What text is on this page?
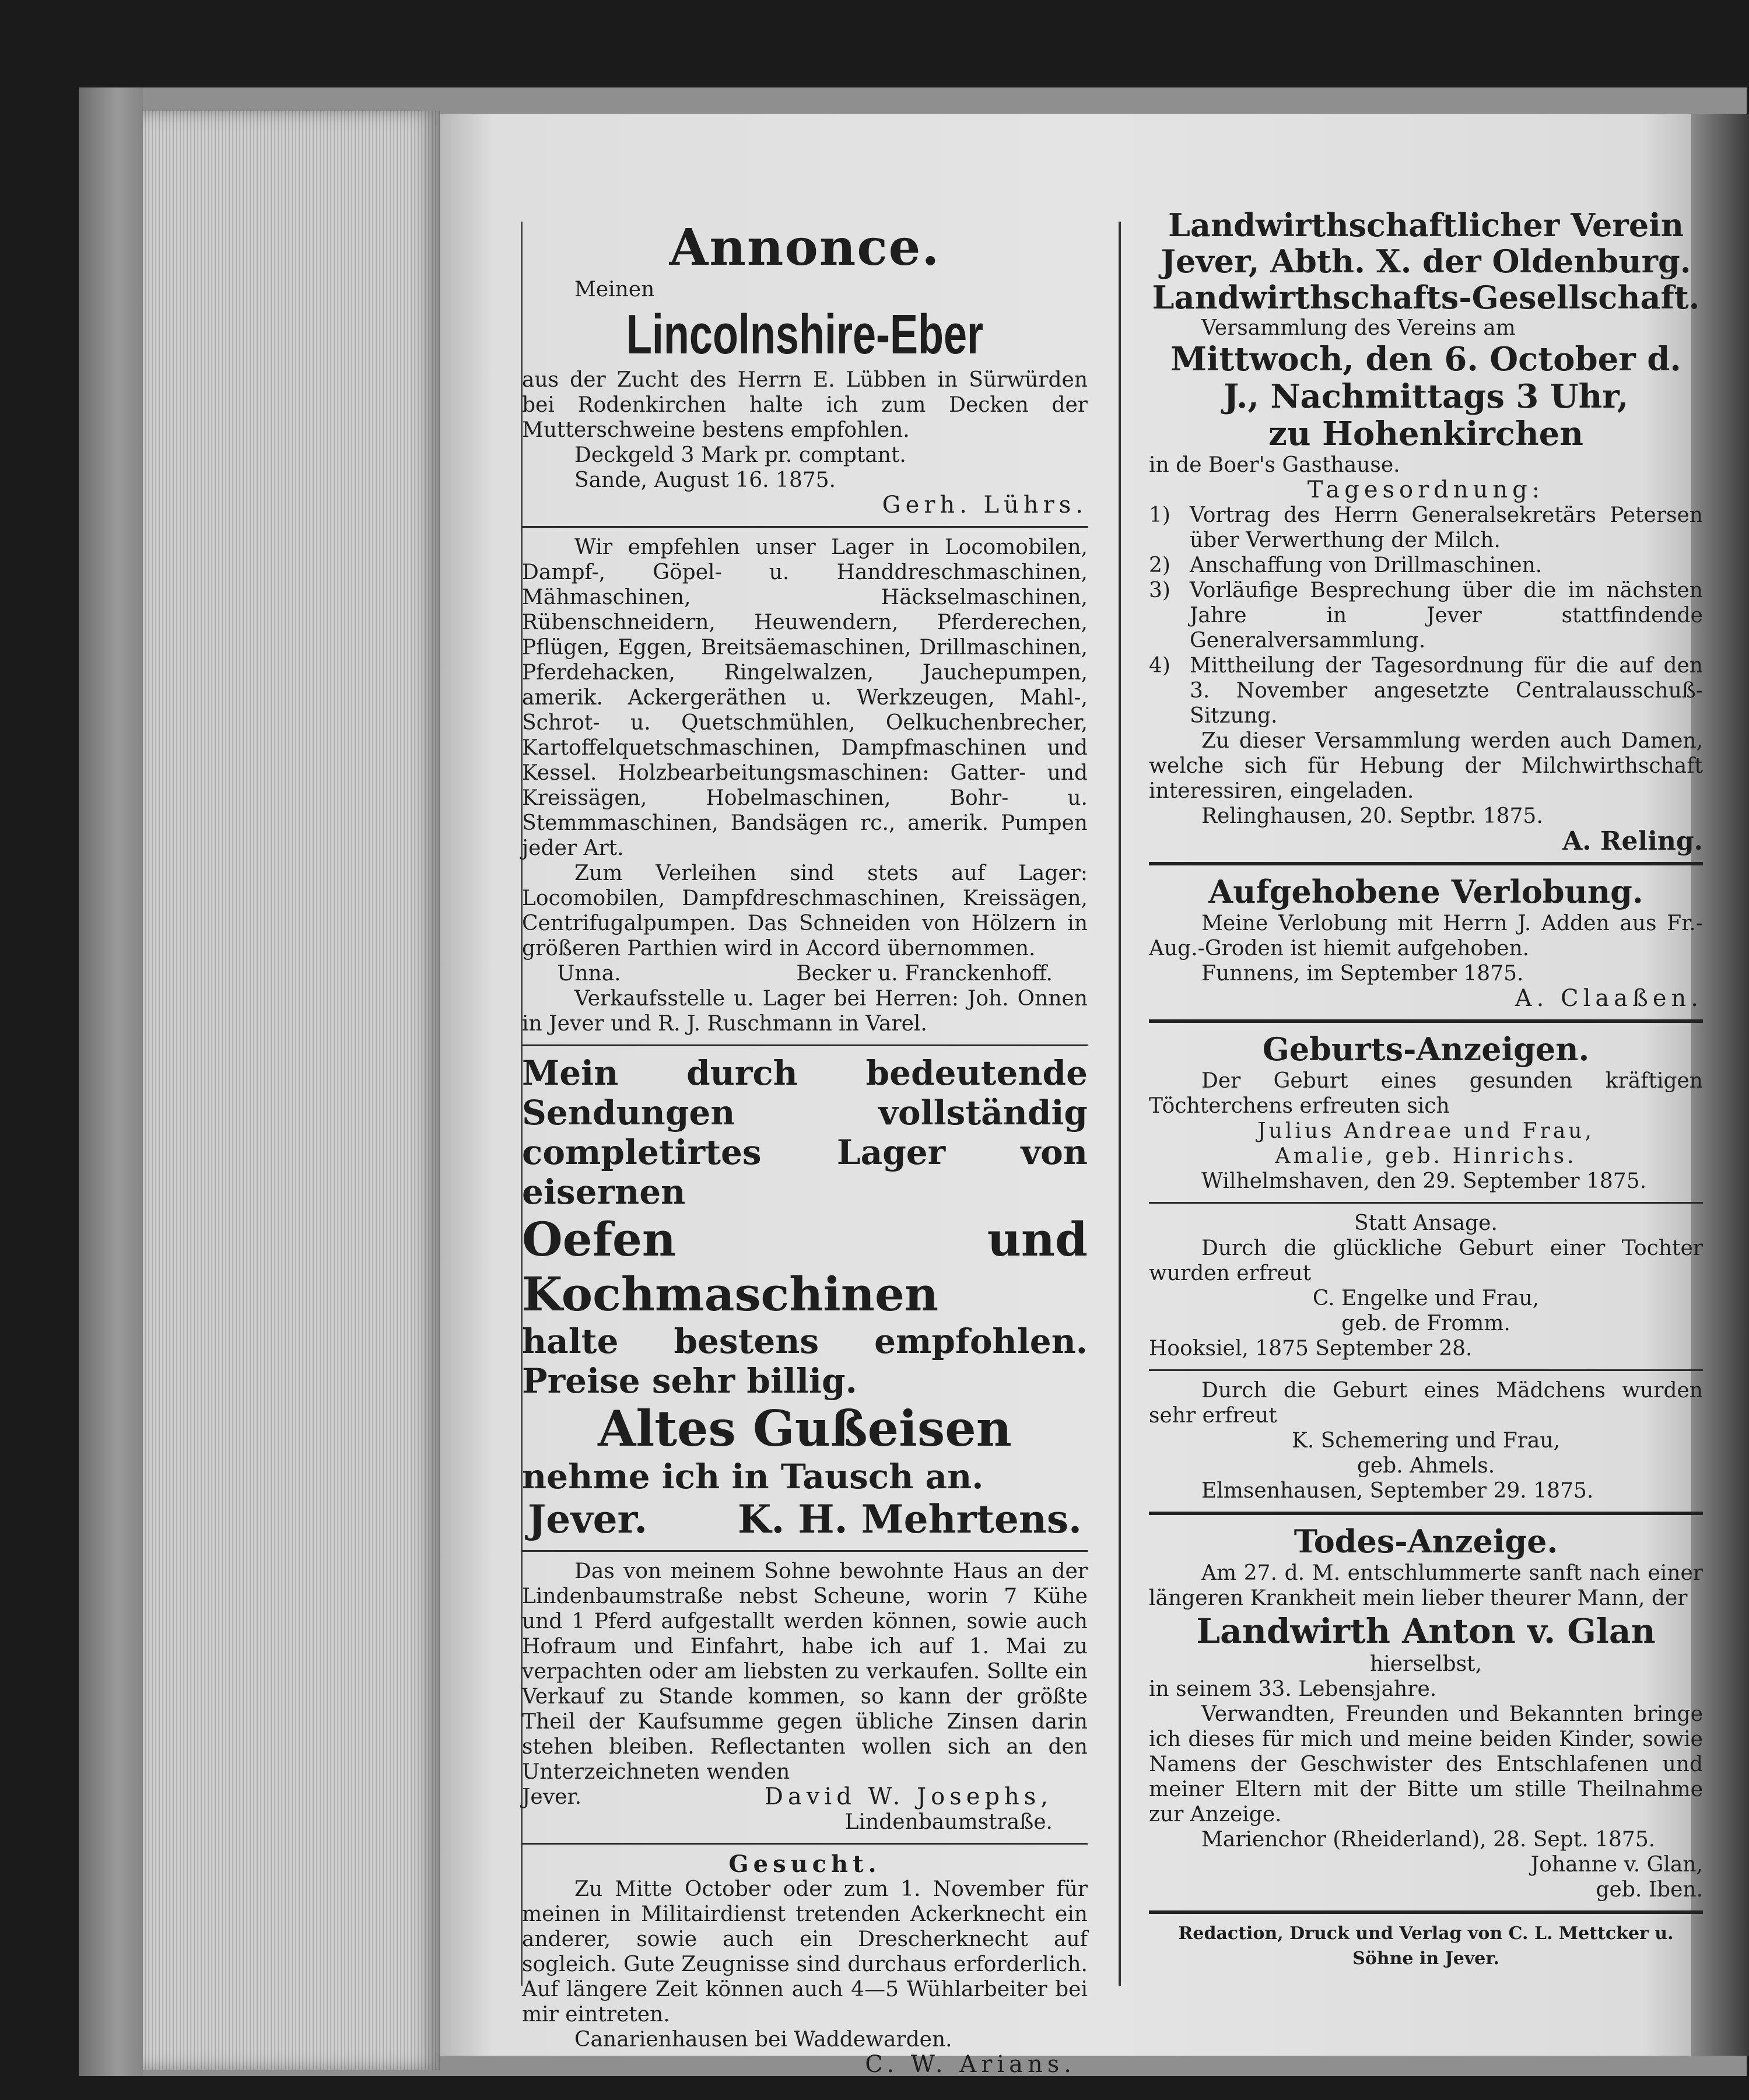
Annonce.

Meinen

Lincolnshire-Eber

aus der Zucht des Herrn E. Lübben in Sürwürden bei Rodenkirchen halte ich zum Decken der Mutterschweine bestens empfohlen.

Deckgeld 3 Mark pr. comptant.

Sande, August 16. 1875.

Gerh. Lührs.

Wir empfehlen unser Lager in Locomobilen, Dampf-, Göpel- u. Handdreschmaschinen, Mähmaschinen, Häckselmaschinen, Rübenschneidern, Heuwendern, Pferderechen, Pflügen, Eggen, Breitsäemaschinen, Drillmaschinen, Pferdehacken, Ringelwalzen, Jauchepumpen, amerik. Ackergeräthen u. Werkzeugen, Mahl-, Schrot- u. Quetschmühlen, Oelkuchenbrecher, Kartoffelquetschmaschinen, Dampfmaschinen und Kessel. Holzbearbeitungsmaschinen: Gatter- und Kreissägen, Hobelmaschinen, Bohr- u. Stemmmaschinen, Bandsägen rc., amerik. Pumpen jeder Art.

Zum Verleihen sind stets auf Lager: Locomobilen, Dampfdreschmaschinen, Kreissägen, Centrifugalpumpen. Das Schneiden von Hölzern in größeren Parthien wird in Accord übernommen.

Unna.	Becker u. Franckenhoff.

Verkaufsstelle u. Lager bei Herren: Joh. Onnen in Jever und R. J. Ruschmann in Varel.

Mein durch bedeutende Sendungen vollständig completirtes Lager von eisernen

Oefen und Kochmaschinen

halte bestens empfohlen. Preise sehr billig.

Altes Gußeisen

nehme ich in Tausch an.

Jever. K. H. Mehrtens.

Das von meinem Sohne bewohnte Haus an der Lindenbaumstraße nebst Scheune, worin 7 Kühe und 1 Pferd aufgestallt werden können, sowie auch Hofraum und Einfahrt, habe ich auf 1. Mai zu verpachten oder am liebsten zu verkaufen. Sollte ein Verkauf zu Stande kommen, so kann der größte Theil der Kaufsumme gegen übliche Zinsen darin stehen bleiben. Reflectanten wollen sich an den Unterzeichneten wenden

Jever.	David W. Josephs,

Lindenbaumstraße.

Gesucht.

Zu Mitte October oder zum 1. November für meinen in Militairdienst tretenden Ackerknecht ein anderer, sowie auch ein Drescherknecht auf sogleich. Gute Zeugnisse sind durchaus erforderlich. Auf längere Zeit können auch 4—5 Wühlarbeiter bei mir eintreten.

Canarienhausen bei Waddewarden.

C. W. Arians.

Landwirthschaftlicher Verein Jever, Abth. X. der Oldenburg. Landwirthschafts-Gesellschaft.

Versammlung des Vereins am

Mittwoch, den 6. October d. J., Nachmittags 3 Uhr,

zu Hohenkirchen

in de Boer's Gasthause.

Tagesordnung:

1)	Vortrag des Herrn Generalsekretärs Petersen über Verwerthung der Milch.
2)	Anschaffung von Drillmaschinen.
3)	Vorläufige Besprechung über die im nächsten Jahre in Jever stattfindende Generalversammlung.
4)	Mittheilung der Tagesordnung für die auf den 3. November angesetzte Centralausschuß-Sitzung.

Zu dieser Versammlung werden auch Damen, welche sich für Hebung der Milchwirthschaft interessiren, eingeladen.

Relinghausen, 20. Septbr. 1875.

A. Reling.

Aufgehobene Verlobung.

Meine Verlobung mit Herrn J. Adden aus Fr.-Aug.-Groden ist hiemit aufgehoben.

Funnens, im September 1875.

A. Claaßen.

Geburts-Anzeigen.

Der Geburt eines gesunden kräftigen Töchterchens erfreuten sich

Julius Andreae und Frau,

Amalie, geb. Hinrichs.

Wilhelmshaven, den 29. September 1875.

Statt Ansage.

Durch die glückliche Geburt einer Tochter wurden erfreut

C. Engelke und Frau,

geb. de Fromm.

Hooksiel, 1875 September 28.

Durch die Geburt eines Mädchens wurden sehr erfreut

K. Schemering und Frau,

geb. Ahmels.

Elmsenhausen, September 29. 1875.

Todes-Anzeige.

Am 27. d. M. entschlummerte sanft nach einer längeren Krankheit mein lieber theurer Mann, der

Landwirth Anton v. Glan

hierselbst,

in seinem 33. Lebensjahre.

Verwandten, Freunden und Bekannten bringe ich dieses für mich und meine beiden Kinder, sowie Namens der Geschwister des Entschlafenen und meiner Eltern mit der Bitte um stille Theilnahme zur Anzeige.

Marienchor (Rheiderland), 28. Sept. 1875.

Johanne v. Glan,

geb. Iben.

Redaction, Druck und Verlag von C. L. Mettcker u. Söhne in Jever.
